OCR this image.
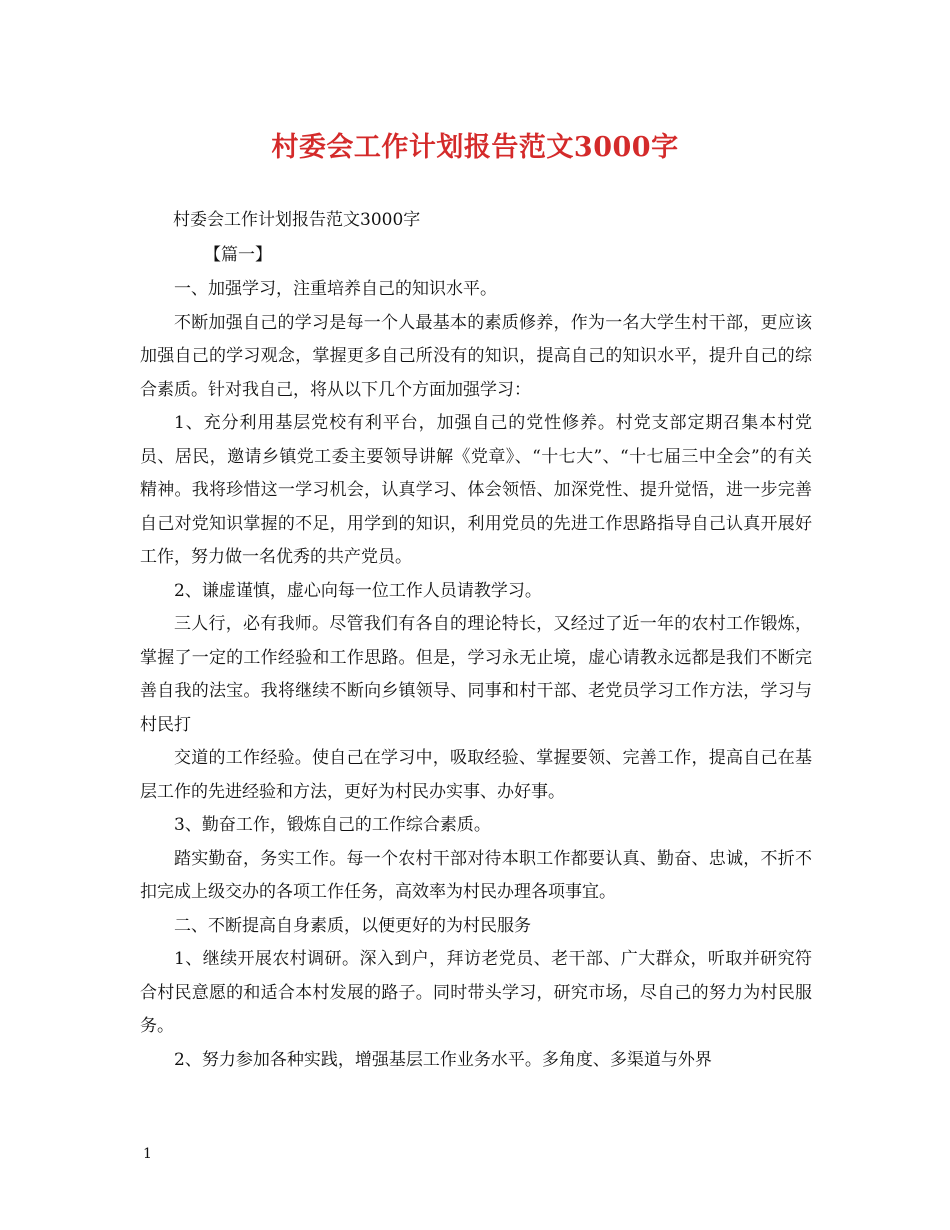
村委会工作计划报告范文3000字
村委会工作计划报告范文3000字
【篇一】

一、加强学习，注重培养自己的知识水平。

不断加强自己的学习是每一个人最基本的素质修养，作为一名大学生村干部，更应该加强自己的学习观念，掌握更多自己所没有的知识，提高自己的知识水平，提升自己的综合素质。针对我自己，将从以下几个方面加强学习：

1、充分利用基层党校有利平台，加强自己的党性修养。村党支部定期召集本村党员、居民，邀请乡镇党工委主要领导讲解《党章》、“十七大”、“十七届三中全会”的有关精神。我将珍惜这一学习机会，认真学习、体会领悟、加深党性、提升觉悟，进一步完善自己对党知识掌握的不足，用学到的知识，利用党员的先进工作思路指导自己认真开展好工作，努力做一名优秀的共产党员。

2、谦虚谨慎，虚心向每一位工作人员请教学习。

三人行，必有我师。尽管我们有各自的理论特长，又经过了近一年的农村工作锻炼，掌握了一定的工作经验和工作思路。但是，学习永无止境，虚心请教永远都是我们不断完善自我的法宝。我将继续不断向乡镇领导、同事和村干部、老党员学习工作方法，学习与村民打

交道的工作经验。使自己在学习中，吸取经验、掌握要领、完善工作，提高自己在基层工作的先进经验和方法，更好为村民办实事、办好事。

3、勤奋工作，锻炼自己的工作综合素质。

踏实勤奋，务实工作。每一个农村干部对待本职工作都要认真、勤奋、忠诚，不折不扣完成上级交办的各项工作任务，高效率为村民办理各项事宜。

二、不断提高自身素质，以便更好的为村民服务

1、继续开展农村调研。深入到户，拜访老党员、老干部、广大群众，听取并研究符合村民意愿的和适合本村发展的路子。同时带头学习，研究市场，尽自己的努力为村民服务。

2、努力参加各种实践，增强基层工作业务水平。多角度、多渠道与外界

1
